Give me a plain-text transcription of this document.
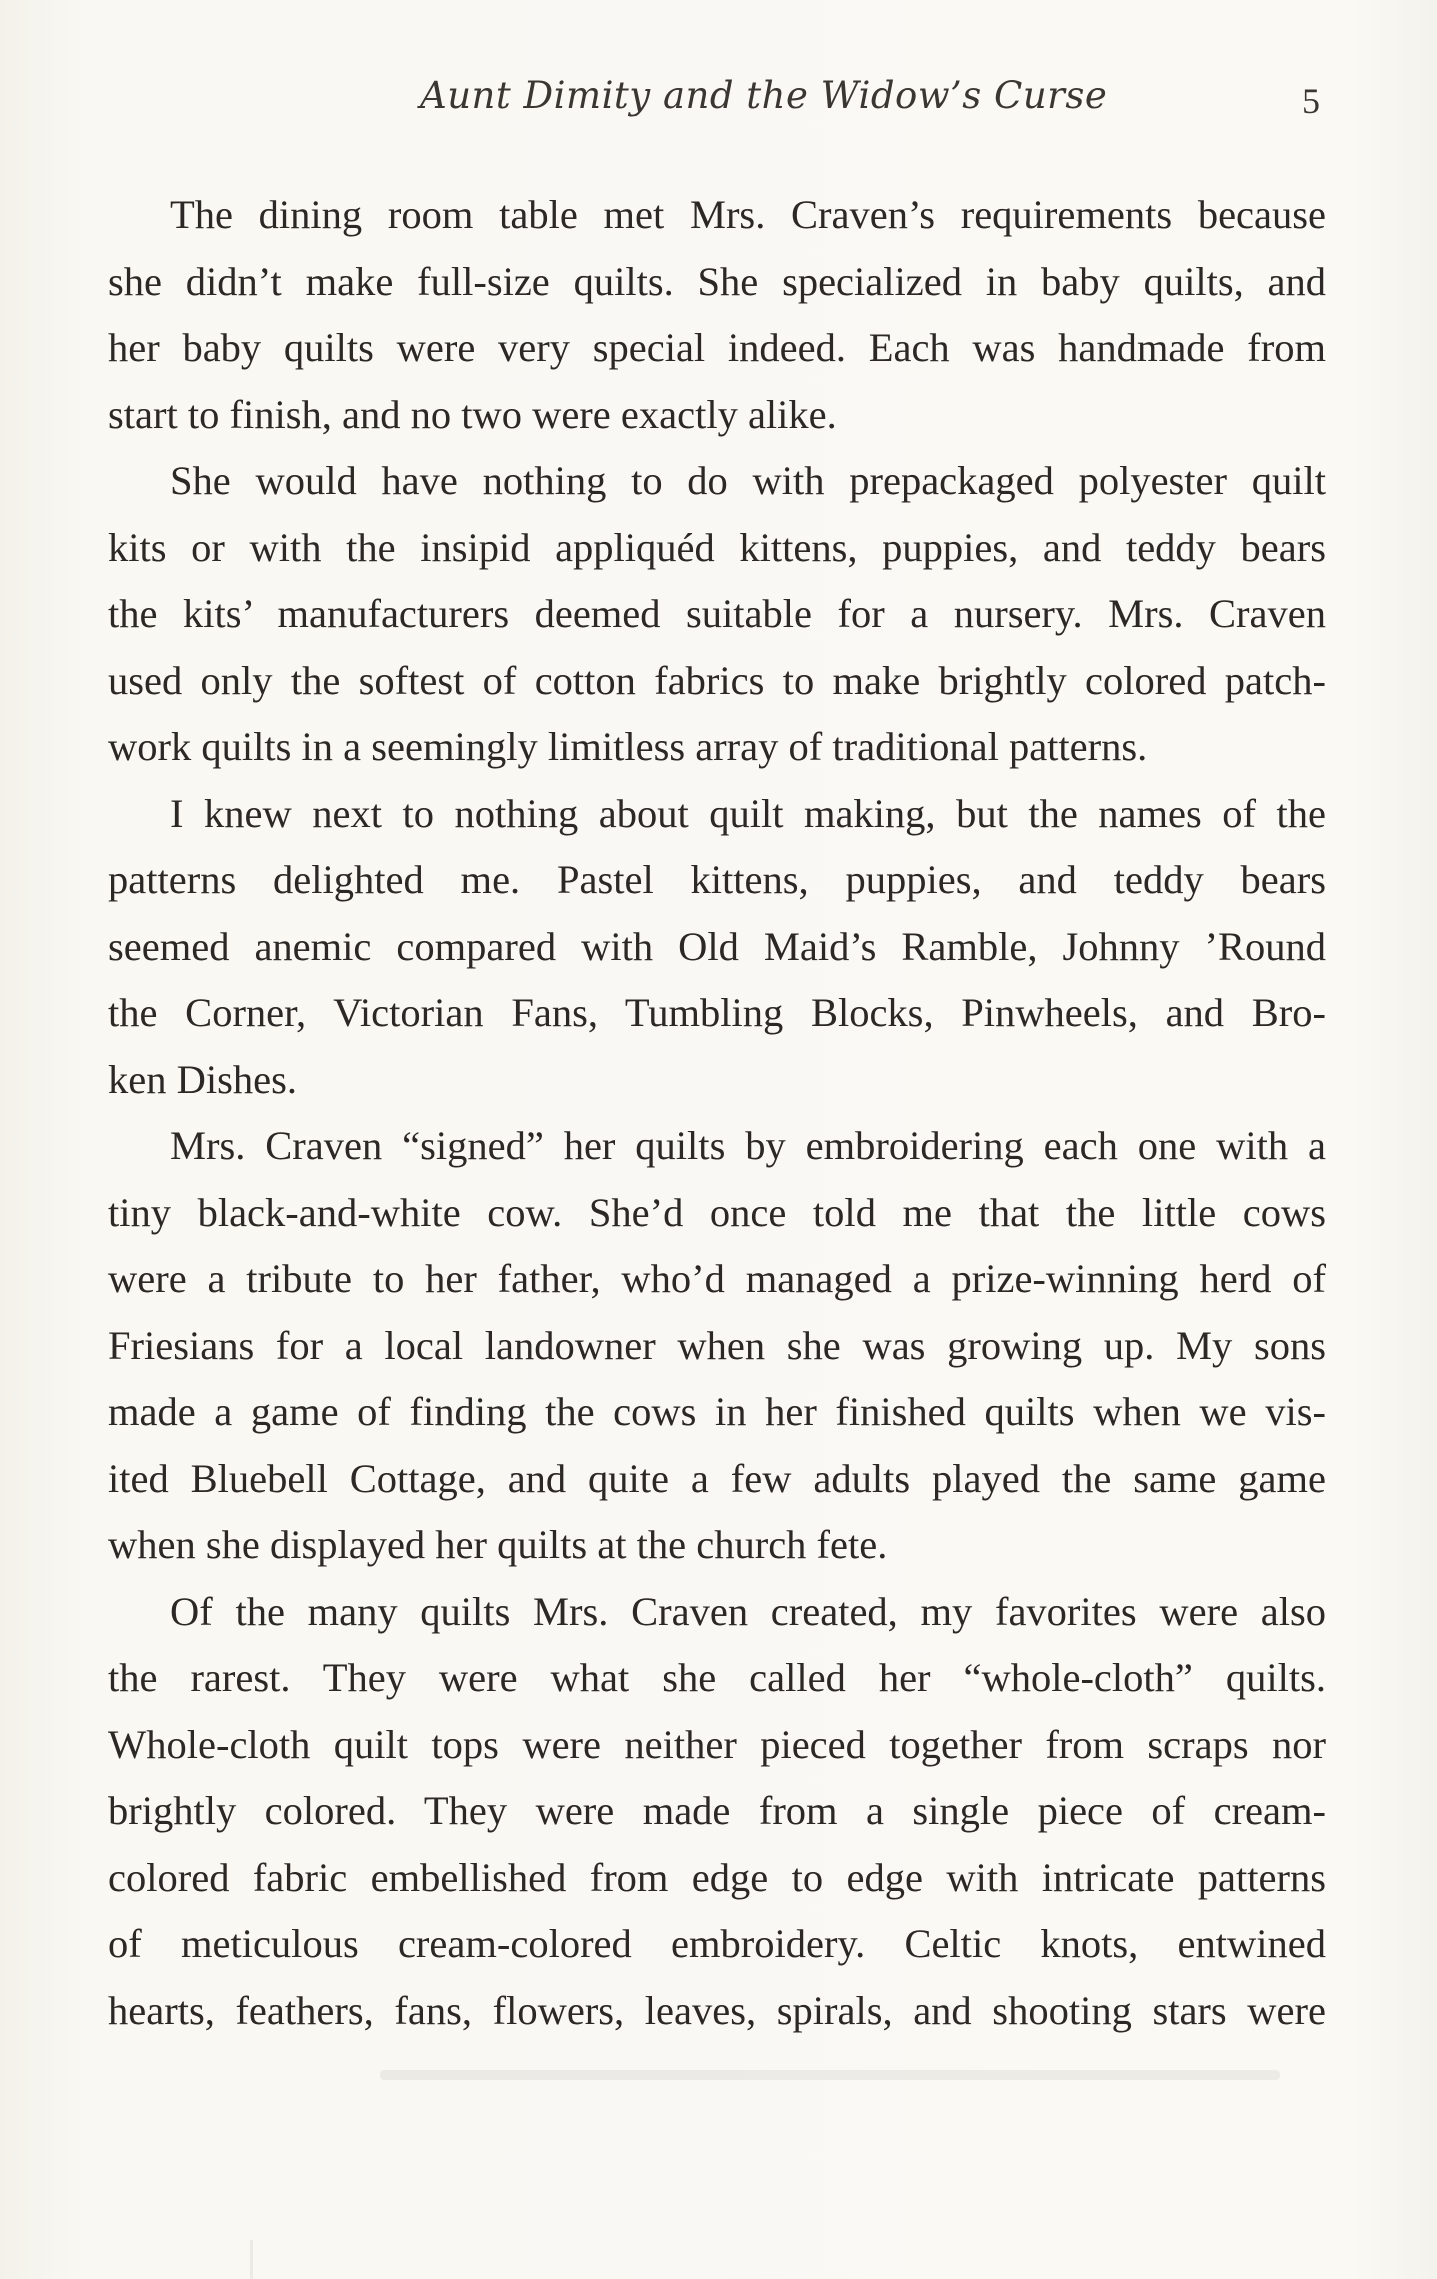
Aunt Dimity and the Widow’s Curse	5
The dining room table met Mrs. Craven’s requirements because
she didn’t make full-size quilts. She specialized in baby quilts, and
her baby quilts were very special indeed. Each was handmade from
start to finish, and no two were exactly alike.
She would have nothing to do with prepackaged polyester quilt
kits or with the insipid appliquéd kittens, puppies, and teddy bears
the kits’ manufacturers deemed suitable for a nursery. Mrs. Craven
used only the softest of cotton fabrics to make brightly colored patch-
work quilts in a seemingly limitless array of traditional patterns.
I knew next to nothing about quilt making, but the names of the
patterns delighted me. Pastel kittens, puppies, and teddy bears
seemed anemic compared with Old Maid’s Ramble, Johnny ’Round
the Corner, Victorian Fans, Tumbling Blocks, Pinwheels, and Bro-
ken Dishes.
Mrs. Craven “signed” her quilts by embroidering each one with a
tiny black-and-white cow. She’d once told me that the little cows
were a tribute to her father, who’d managed a prize-winning herd of
Friesians for a local landowner when she was growing up. My sons
made a game of finding the cows in her finished quilts when we vis-
ited Bluebell Cottage, and quite a few adults played the same game
when she displayed her quilts at the church fete.
Of the many quilts Mrs. Craven created, my favorites were also
the rarest. They were what she called her “whole-cloth” quilts.
Whole-cloth quilt tops were neither pieced together from scraps nor
brightly colored. They were made from a single piece of cream-
colored fabric embellished from edge to edge with intricate patterns
of meticulous cream-colored embroidery. Celtic knots, entwined
hearts, feathers, fans, flowers, leaves, spirals, and shooting stars were
